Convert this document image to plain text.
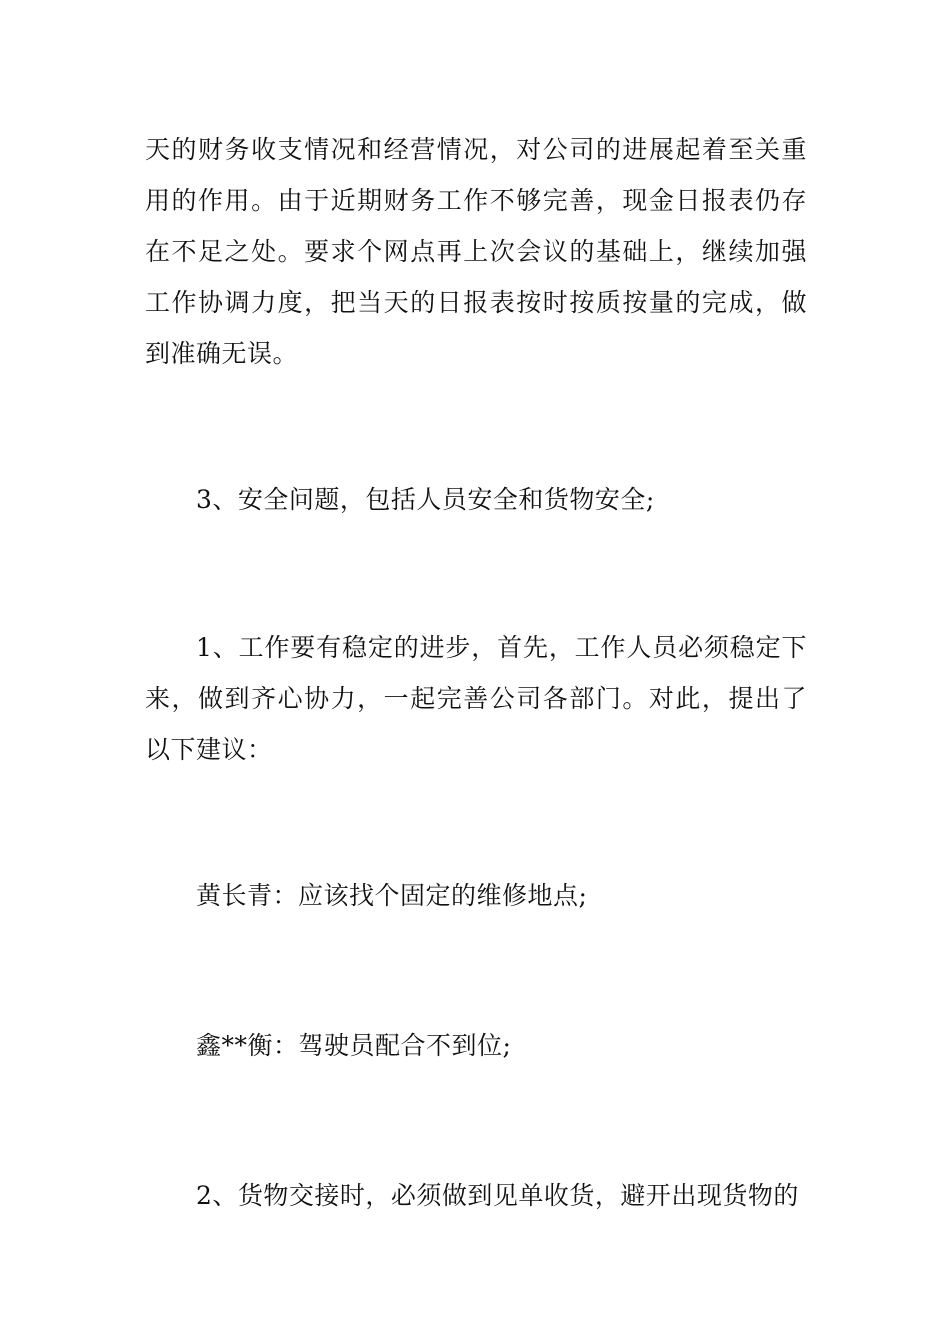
天的财务收支情况和经营情况，对公司的进展起着至关重用的作用。由于近期财务工作不够完善，现金日报表仍存在不足之处。要求个网点再上次会议的基础上，继续加强工作协调力度，把当天的日报表按时按质按量的完成，做到准确无误。

3、安全问题，包括人员安全和货物安全;

1、工作要有稳定的进步，首先，工作人员必须稳定下来，做到齐心协力，一起完善公司各部门。对此，提出了以下建议：

黄长青：应该找个固定的维修地点;

鑫**衡：驾驶员配合不到位;

2、货物交接时，必须做到见单收货，避开出现货物的
